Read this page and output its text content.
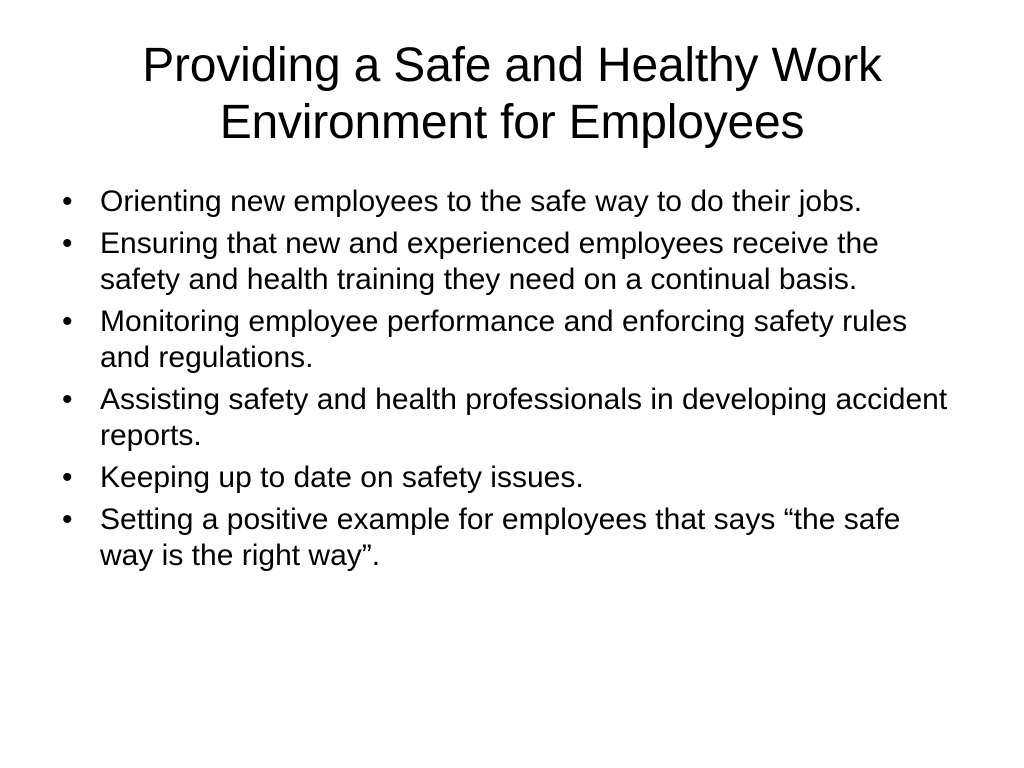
Providing a Safe and Healthy Work
Environment for Employees
• Orienting new employees to the safe way to do their jobs.
• Ensuring that new and experienced employees receive the safety and health training they need on a continual basis.
• Monitoring employee performance and enforcing safety rules and regulations.
• Assisting safety and health professionals in developing accident reports.
• Keeping up to date on safety issues.
• Setting a positive example for employees that says “the safe way is the right way”.
